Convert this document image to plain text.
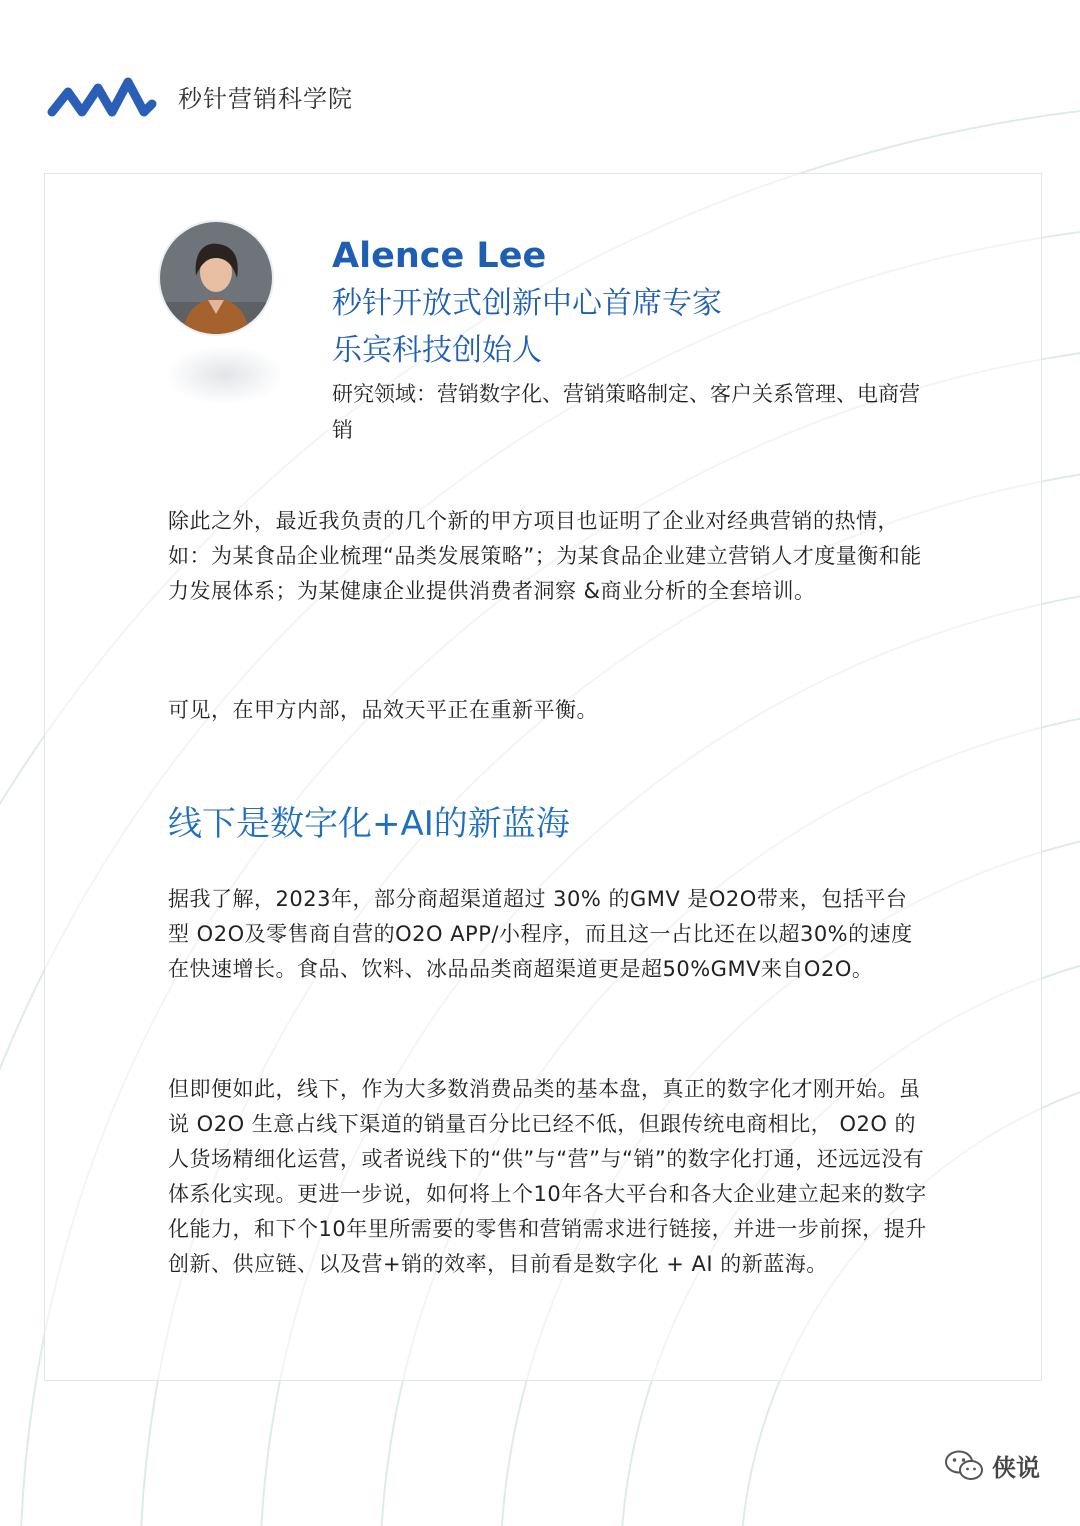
秒针营销科学院
Alence Lee
秒针开放式创新中心首席专家
乐宾科技创始人
研究领域：营销数字化、营销策略制定、客户关系管理、电商营销
除此之外，最近我负责的几个新的甲方项目也证明了企业对经典营销的热情，如：为某食品企业梳理“品类发展策略”；为某食品企业建立营销人才度量衡和能力发展体系；为某健康企业提供消费者洞察 &商业分析的全套培训。
可见，在甲方内部，品效天平正在重新平衡。
线下是数字化+AI的新蓝海
据我了解，2023年，部分商超渠道超过 30% 的GMV 是O2O带来，包括平台型 O2O及零售商自营的O2O APP/小程序，而且这一占比还在以超30%的速度在快速增长。食品、饮料、冰品品类商超渠道更是超50%GMV来自O2O。
但即便如此，线下，作为大多数消费品类的基本盘，真正的数字化才刚开始。虽说 O2O 生意占线下渠道的销量百分比已经不低，但跟传统电商相比， O2O 的人货场精细化运营，或者说线下的“供”与“营”与“销”的数字化打通，还远远没有体系化实现。更进一步说，如何将上个10年各大平台和各大企业建立起来的数字化能力，和下个10年里所需要的零售和营销需求进行链接，并进一步前探，提升创新、供应链、以及营+销的效率，目前看是数字化 + AI 的新蓝海。
侠说
